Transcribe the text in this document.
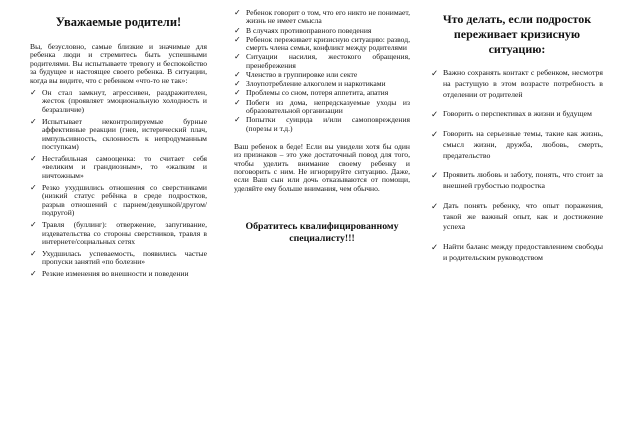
Уважаемые родители!

Вы, безусловно, самые близкие и значимые для ребенка люди и стремитесь быть успешными родителями. Вы испытываете тревогу и беспокойство за будущее и настоящее своего ребенка. В ситуации, когда вы видите, что с ребенком «что-то не так»:

✓ Он стал замкнут, агрессивен, раздражителен, жесток (проявляет эмоциональную холодность и безразличие)
✓ Испытывает неконтролируемые бурные аффективные реакции (гнев, истерический плач, импульсивность, склонность к непродуманным поступкам)
✓ Нестабильная самооценка: то считает себя «великим и грандиозным», то «жалким и ничтожным»
✓ Резко ухудшились отношения со сверстниками (низкий статус ребёнка в среде подростков, разрыв отношений с парнем/девушкой/другом/подругой)
✓ Травля (буллинг): отвержение, запугивание, издевательства со стороны сверстников, травля в интернете/социальных сетях
✓ Ухудшилась успеваемость, появились частые пропуски занятий «по болезни»
✓ Резкие изменения во внешности и поведении
✓ Ребенок говорит о том, что его никто не понимает, жизнь не имеет смысла
✓ В случаях противоправного поведения
✓ Ребенок переживает кризисную ситуацию: развод, смерть члена семьи, конфликт между родителями
✓ Ситуации насилия, жестокого обращения, пренебрежения
✓ Членство в группировке или секте
✓ Злоупотребление алкоголем и наркотиками
✓ Проблемы со сном, потеря аппетита, апатия
✓ Побеги из дома, непредсказуемые уходы из образовательной организации
✓ Попытки суицида и/или самоповреждения (порезы и т.д.)

Ваш ребенок в беде! Если вы увидели хотя бы один из признаков – это уже достаточный повод для того, чтобы уделить внимание своему ребенку и поговорить с ним. Не игнорируйте ситуацию. Даже, если Ваш сын или дочь отказываются от помощи, уделяйте ему больше внимания, чем обычно.

Обратитесь квалифицированному специалисту!!!

Что делать, если подросток переживает кризисную ситуацию:

✓ Важно сохранять контакт с ребенком, несмотря на растущую в этом возрасте потребность в отделении от родителей
✓ Говорить о перспективах в жизни и будущем
✓ Говорить на серьезные темы, такие как жизнь, смысл жизни, дружба, любовь, смерть, предательство
✓ Проявить любовь и заботу, понять, что стоит за внешней грубостью подростка
✓ Дать понять ребенку, что опыт поражения, такой же важный опыт, как и достижение успеха
✓ Найти баланс между предоставлением свободы и родительским руководством
